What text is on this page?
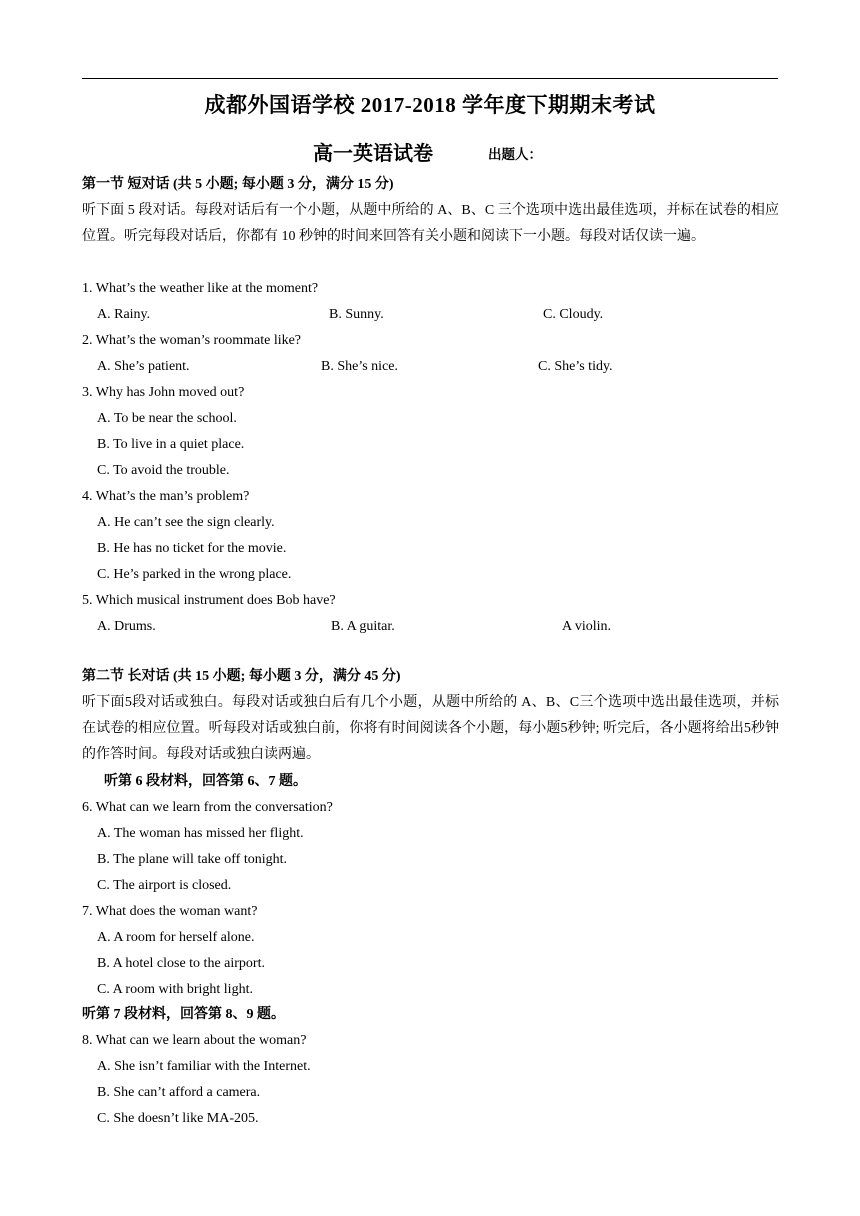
成都外国语学校 2017-2018 学年度下期期末考试
高一英语试卷	出题人：
第一节 短对话 (共 5 小题; 每小题 3 分，满分 15 分)
听下面 5 段对话。每段对话后有一个小题，从题中所给的 A、B、C 三个选项中选出最佳选项，并标在试卷的相应位置。听完每段对话后，你都有 10 秒钟的时间来回答有关小题和阅读下一小题。每段对话仅读一遍。
1. What’s the weather like at the moment?
A. Rainy.	B. Sunny.	C. Cloudy.
2. What’s the woman’s roommate like?
A. She’s patient.	B. She’s nice.	C. She’s tidy.
3. Why has John moved out?
A. To be near the school.
B. To live in a quiet place.
C. To avoid the trouble.
4. What’s the man’s problem?
A. He can’t see the sign clearly.
B. He has no ticket for the movie.
C. He’s parked in the wrong place.
5. Which musical instrument does Bob have?
A. Drums.	B. A guitar.	A violin.
第二节 长对话 (共 15 小题; 每小题 3 分，满分 45 分)
听下面5段对话或独白。每段对话或独白后有几个小题，从题中所给的 A、B、C三个选项中选出最佳选项，并标在试卷的相应位置。听每段对话或独白前，你将有时间阅读各个小题，每小题5秒钟; 听完后，各小题将给出5秒钟的作答时间。每段对话或独白读两遍。
听第 6 段材料，回答第 6、7 题。
6. What can we learn from the conversation?
A. The woman has missed her flight.
B. The plane will take off tonight.
C. The airport is closed.
7. What does the woman want?
A. A room for herself alone.
B. A hotel close to the airport.
C. A room with bright light.
听第 7 段材料，回答第 8、9 题。
8. What can we learn about the woman?
A. She isn’t familiar with the Internet.
B. She can’t afford a camera.
C. She doesn’t like MA-205.
